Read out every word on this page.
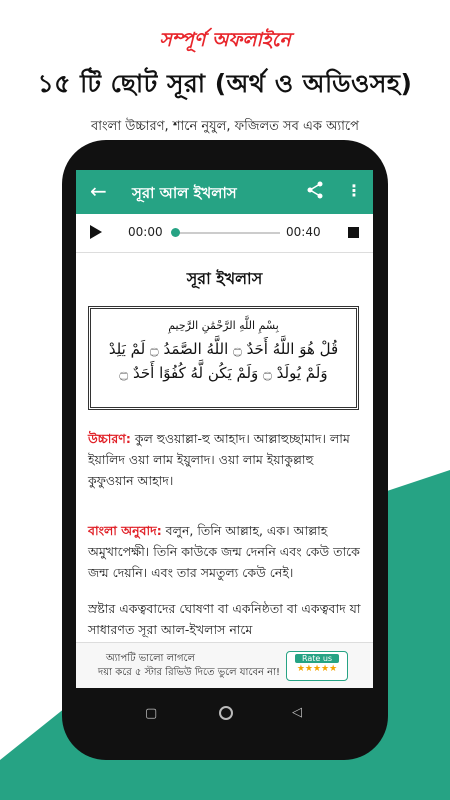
সম্পূর্ণ অফলাইনে
১৫ টি ছোট সূরা (অর্থ ও অডিওসহ)
বাংলা উচ্চারণ, শানে নুযুল, ফজিলত সব এক অ্যাপে
← সূরা আল ইখলাস	⋮
00:00	00:40
সূরা ইখলাস
بِسْمِ اللَّهِ الرَّحْمَٰنِ الرَّحِيمِ
قُلْ هُوَ اللَّهُ أَحَدٌ ۝ اللَّهُ الصَّمَدُ ۝ لَمْ يَلِدْ
وَلَمْ يُولَدْ ۝ وَلَمْ يَكُن لَّهُ كُفُوًا أَحَدٌ ۝
উচ্চারণ: কুল হুওয়াল্লা-হু আহাদ। আল্লাহুচ্ছামাদ। লাম ইয়ালিদ ওয়া লাম ইয়ুলাদ। ওয়া লাম ইয়াকুল্লাহু কুফুওয়ান আহাদ।
বাংলা অনুবাদ: বলুন, তিনি আল্লাহ, এক। আল্লাহ অমুখাপেক্ষী। তিনি কাউকে জন্ম দেননি এবং কেউ তাকে জন্ম দেয়নি। এবং তার সমতুল্য কেউ নেই।
স্রষ্টার একত্ববাদের ঘোষণা বা একনিষ্ঠতা বা একত্ববাদ যা সাধারণত সূরা আল-ইখলাস নামে
অ্যাপটি ভালো লাগলে
দয়া করে ৫ স্টার রিভিউ দিতে ভুলে যাবেন না!
Rate us
★★★★★
◁
▢
